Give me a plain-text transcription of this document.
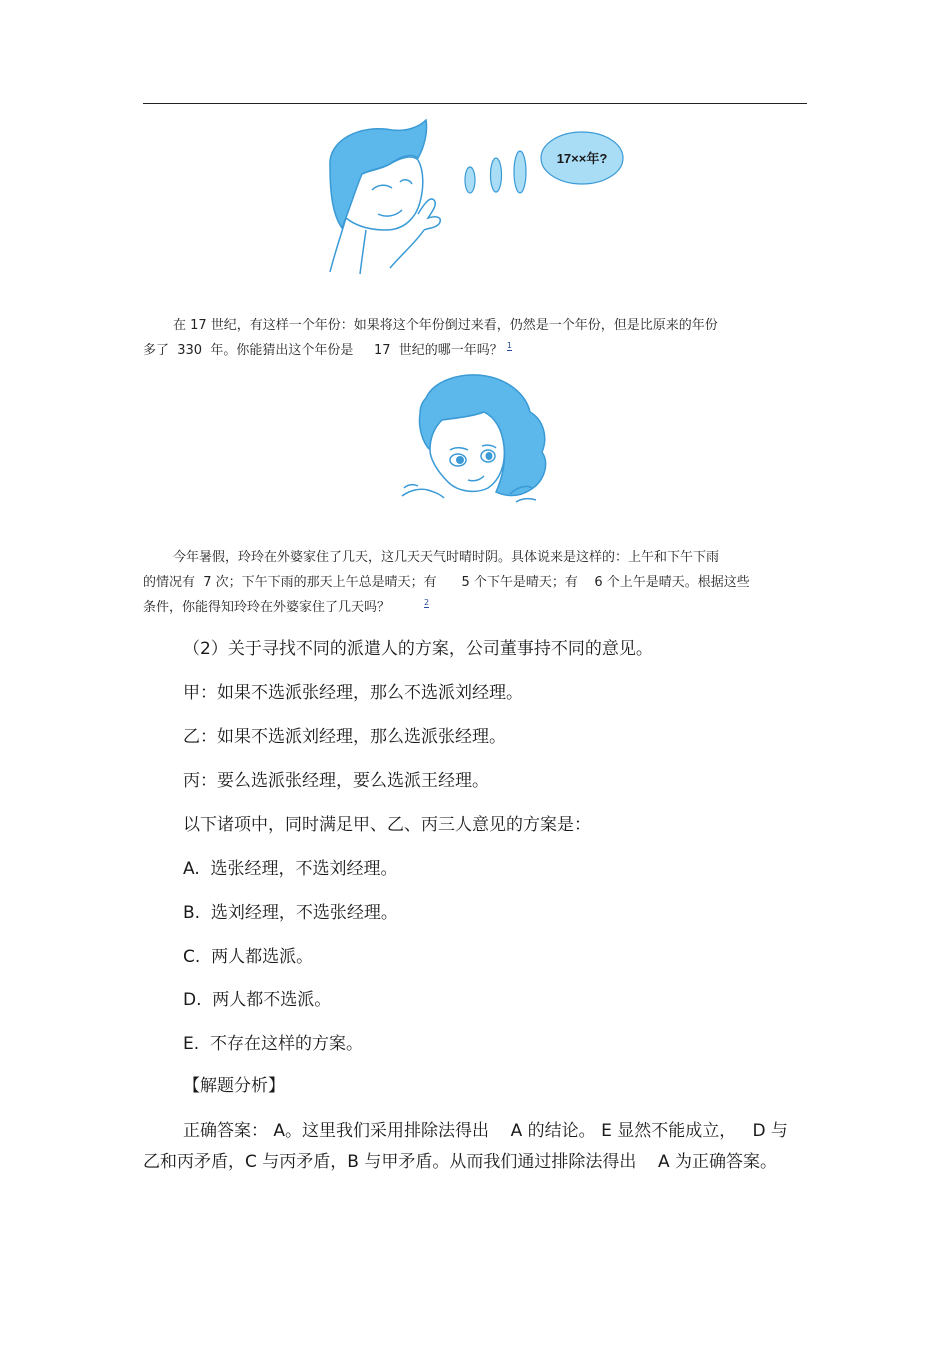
17××年?

在 17 世纪，有这样一个年份：如果将这个年份倒过来看，仍然是一个年份，但是比原来的年份

多了  330  年。你能猜出这个年份是     17  世纪的哪一年吗？ 1

今年暑假，玲玲在外婆家住了几天，这几天天气时晴时阴。具体说来是这样的：上午和下午下雨

的情况有  7 次；下午下雨的那天上午总是晴天；有      5 个下午是晴天；有    6 个上午是晴天。根据这些

条件，你能得知玲玲在外婆家住了几天吗？	2

（2）关于寻找不同的派遣人的方案，公司董事持不同的意见。
甲：如果不选派张经理，那么不选派刘经理。
乙：如果不选派刘经理，那么选派张经理。
丙：要么选派张经理，要么选派王经理。
以下诸项中，同时满足甲、乙、丙三人意见的方案是：
A.  选张经理，不选刘经理。
B.  选刘经理，不选张经理。
C.  两人都选派。
D.  两人都不选派。
E.  不存在这样的方案。
【解题分析】
正确答案： A。这里我们采用排除法得出    A 的结论。 E 显然不能成立，   D 与
乙和丙矛盾，C 与丙矛盾，B 与甲矛盾。从而我们通过排除法得出    A 为正确答案。
